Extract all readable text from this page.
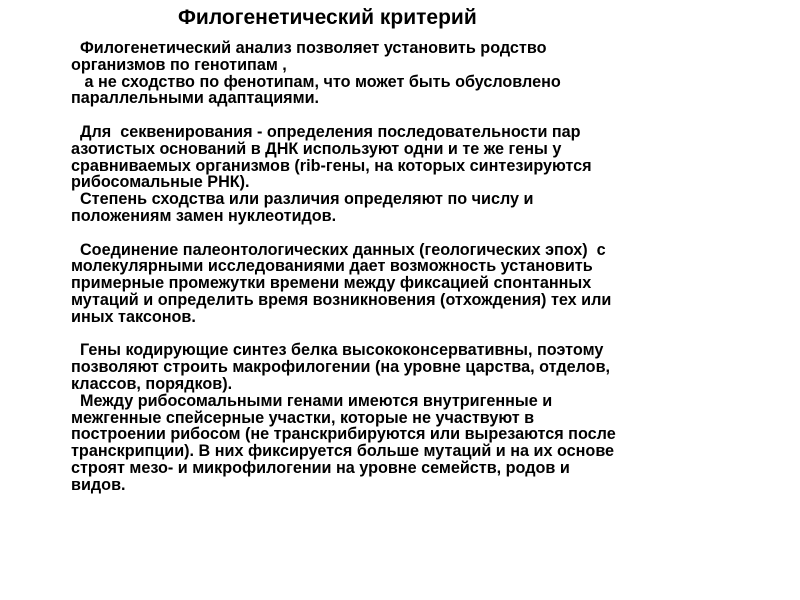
Филогенетический критерий
Филогенетический анализ позволяет установить родство
организмов по генотипам ,
а не сходство по фенотипам, что может быть обусловлено
параллельными адаптациями.
Для  секвенирования - определения последовательности пар
азотистых оснований в ДНК используют одни и те же гены у
сравниваемых организмов (rib-гены, на которых синтезируются
рибосомальные РНК).
Степень сходства или различия определяют по числу и
положениям замен нуклеотидов.
Соединение палеонтологических данных (геологических эпох)  с
молекулярными исследованиями дает возможность установить
примерные промежутки времени между фиксацией спонтанных
мутаций и определить время возникновения (отхождения) тех или
иных таксонов.
Гены кодирующие синтез белка высококонсервативны, поэтому
позволяют строить макрофилогении (на уровне царства, отделов,
классов, порядков).
Между рибосомальными генами имеются внутригенные и
межгенные спейсерные участки, которые не участвуют в
построении рибосом (не транскрибируются или вырезаются после
транскрипции). В них фиксируется больше мутаций и на их основе
строят мезо- и микрофилогении на уровне семейств, родов и
видов.
